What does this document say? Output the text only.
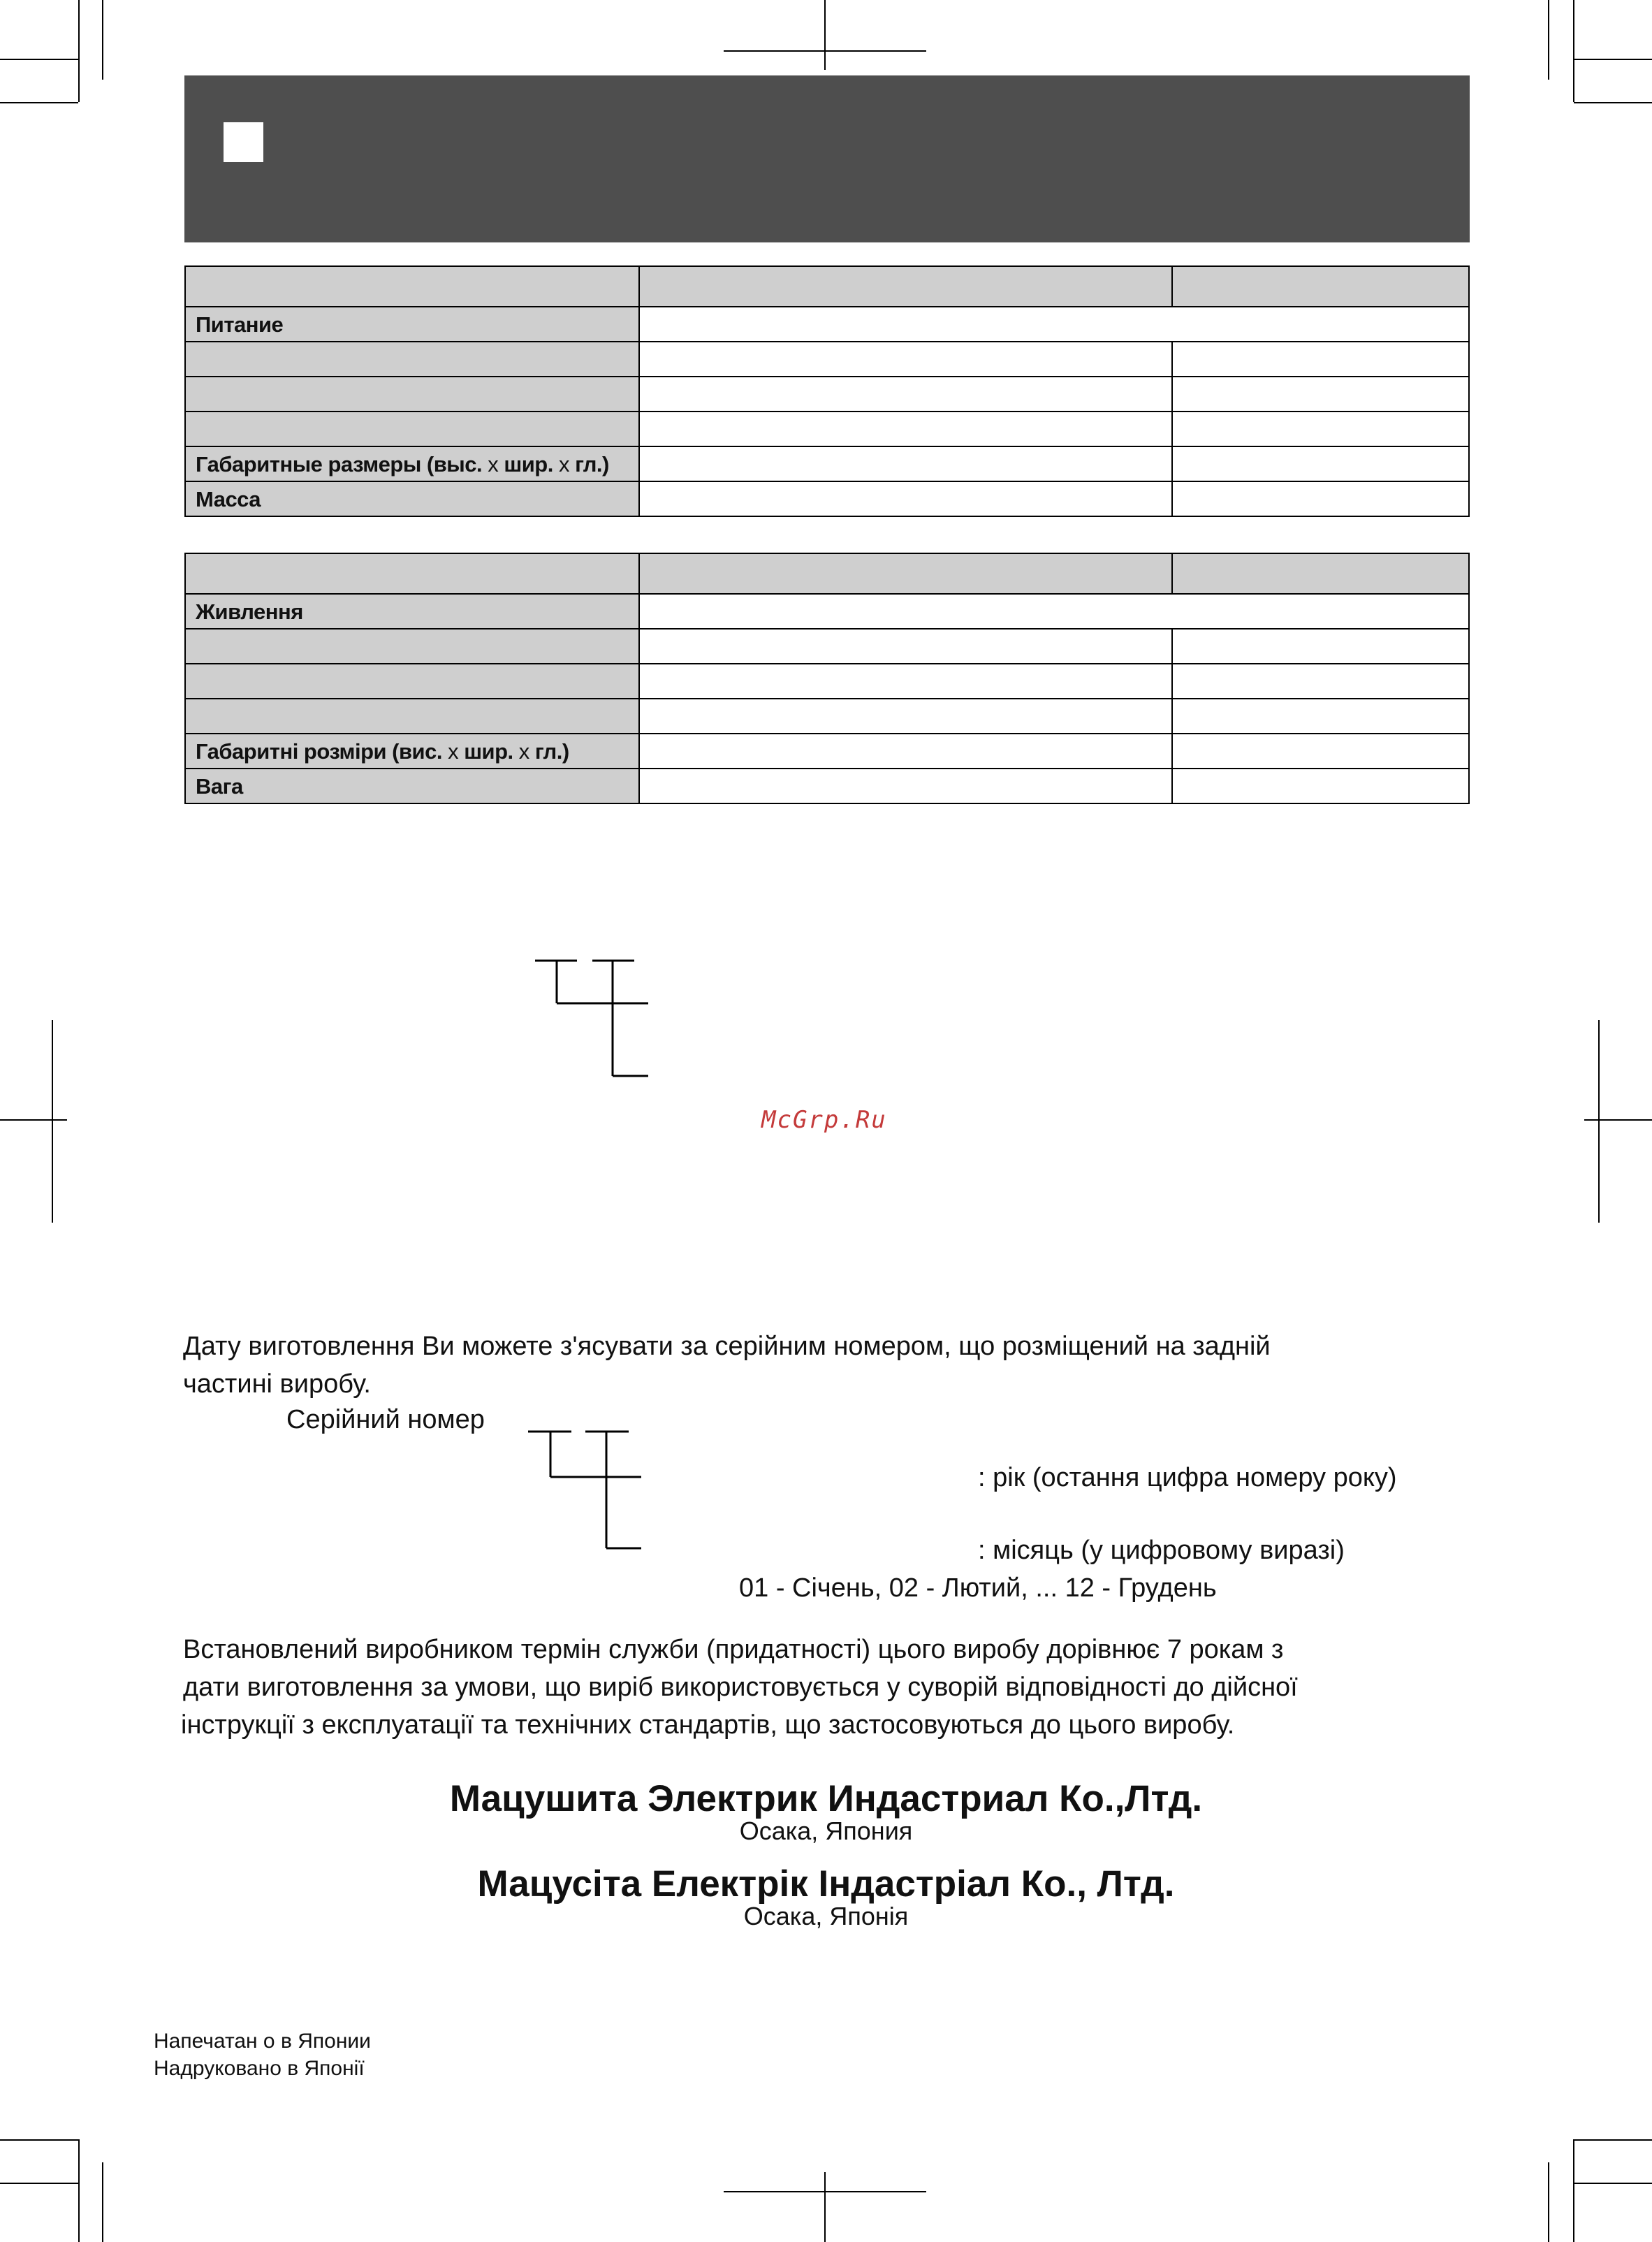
Питание		

Габаритные размеры (выс. x шир. x гл.)		
Масса		

Живлення		

Габаритні розміри (вис. x шир. x гл.)		
Вага		
McGrp.Ru
Дату виготовлення Ви можете з'ясувати за серійним номером, що розміщений на задній
частині виробу.
Серійний номер
: рік (остання цифра номеру року)
: місяць (у цифровому виразі)
01 - Січень, 02 - Лютий, ... 12 - Грудень
Встановлений виробником термін служби (придатності) цього виробу дорівнює 7 рокам з
дати виготовлення за умови, що виріб використовується у суворій відповідності до дійсної
інструкції з експлуатації та технічних стандартів, що застосовуються до цього виробу.
Мацушита Электрик Индастриал Ко.,Лтд.
Осака, Япония
Мацусіта Електрік Індастріал Ко., Лтд.
Осака, Японія
Напечатан о в Японии
Надруковано в Японії
